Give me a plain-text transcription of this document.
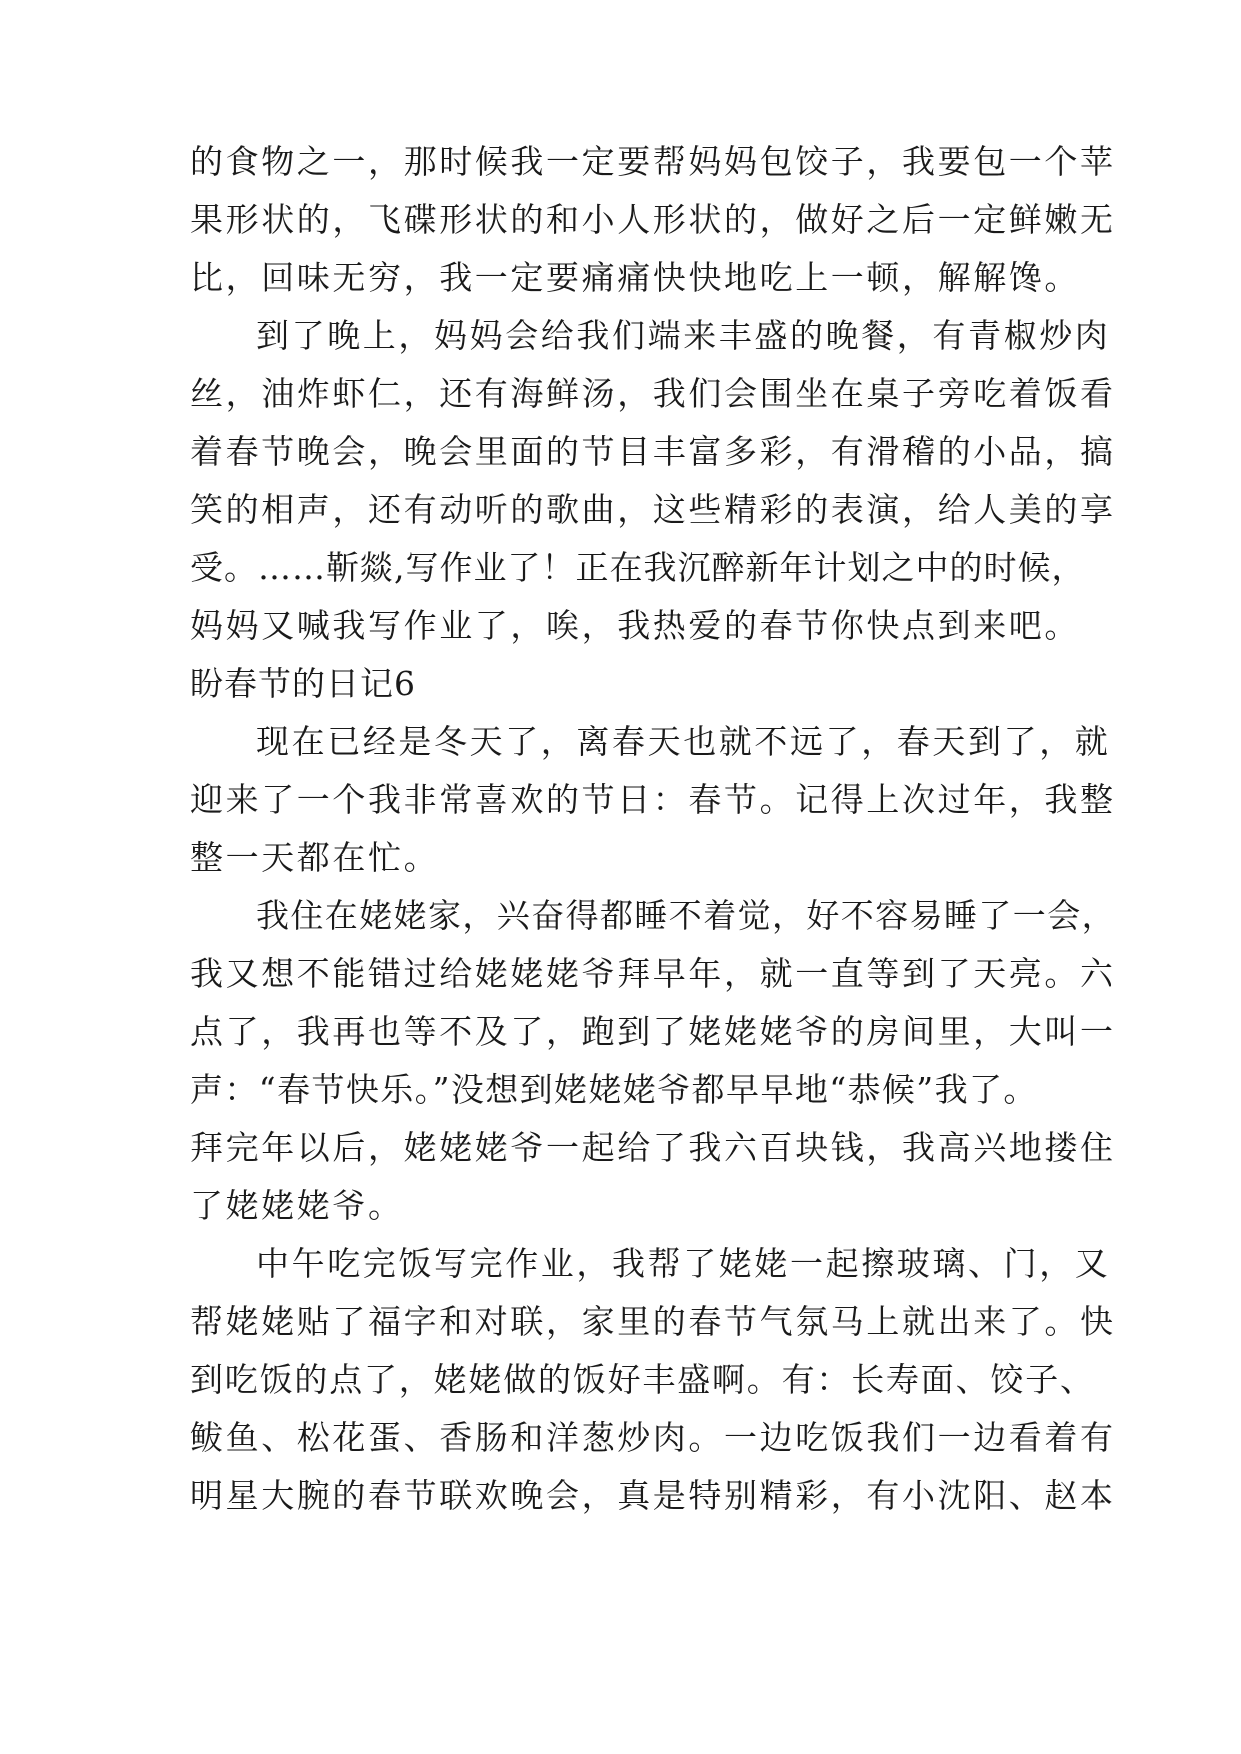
的食物之一，那时候我一定要帮妈妈包饺子，我要包一个苹
果形状的，飞碟形状的和小人形状的，做好之后一定鲜嫩无
比，回味无穷，我一定要痛痛快快地吃上一顿，解解馋。
到了晚上，妈妈会给我们端来丰盛的晚餐，有青椒炒肉
丝，油炸虾仁，还有海鲜汤，我们会围坐在桌子旁吃着饭看
着春节晚会，晚会里面的节目丰富多彩，有滑稽的小品，搞
笑的相声，还有动听的歌曲，这些精彩的表演，给人美的享
受。……靳燚,写作业了！正在我沉醉新年计划之中的时候，
妈妈又喊我写作业了，唉，我热爱的春节你快点到来吧。
盼春节的日记6
现在已经是冬天了，离春天也就不远了，春天到了，就
迎来了一个我非常喜欢的节日：春节。记得上次过年，我整
整一天都在忙。
我住在姥姥家，兴奋得都睡不着觉，好不容易睡了一会，
我又想不能错过给姥姥姥爷拜早年，就一直等到了天亮。六
点了，我再也等不及了，跑到了姥姥姥爷的房间里，大叫一
声：“春节快乐。”没想到姥姥姥爷都早早地“恭候”我了。
拜完年以后，姥姥姥爷一起给了我六百块钱，我高兴地搂住
了姥姥姥爷。
中午吃完饭写完作业，我帮了姥姥一起擦玻璃、门，又
帮姥姥贴了福字和对联，家里的春节气氛马上就出来了。快
到吃饭的点了，姥姥做的饭好丰盛啊。有：长寿面、饺子、
鲅鱼、松花蛋、香肠和洋葱炒肉。一边吃饭我们一边看着有
明星大腕的春节联欢晚会，真是特别精彩，有小沈阳、赵本
